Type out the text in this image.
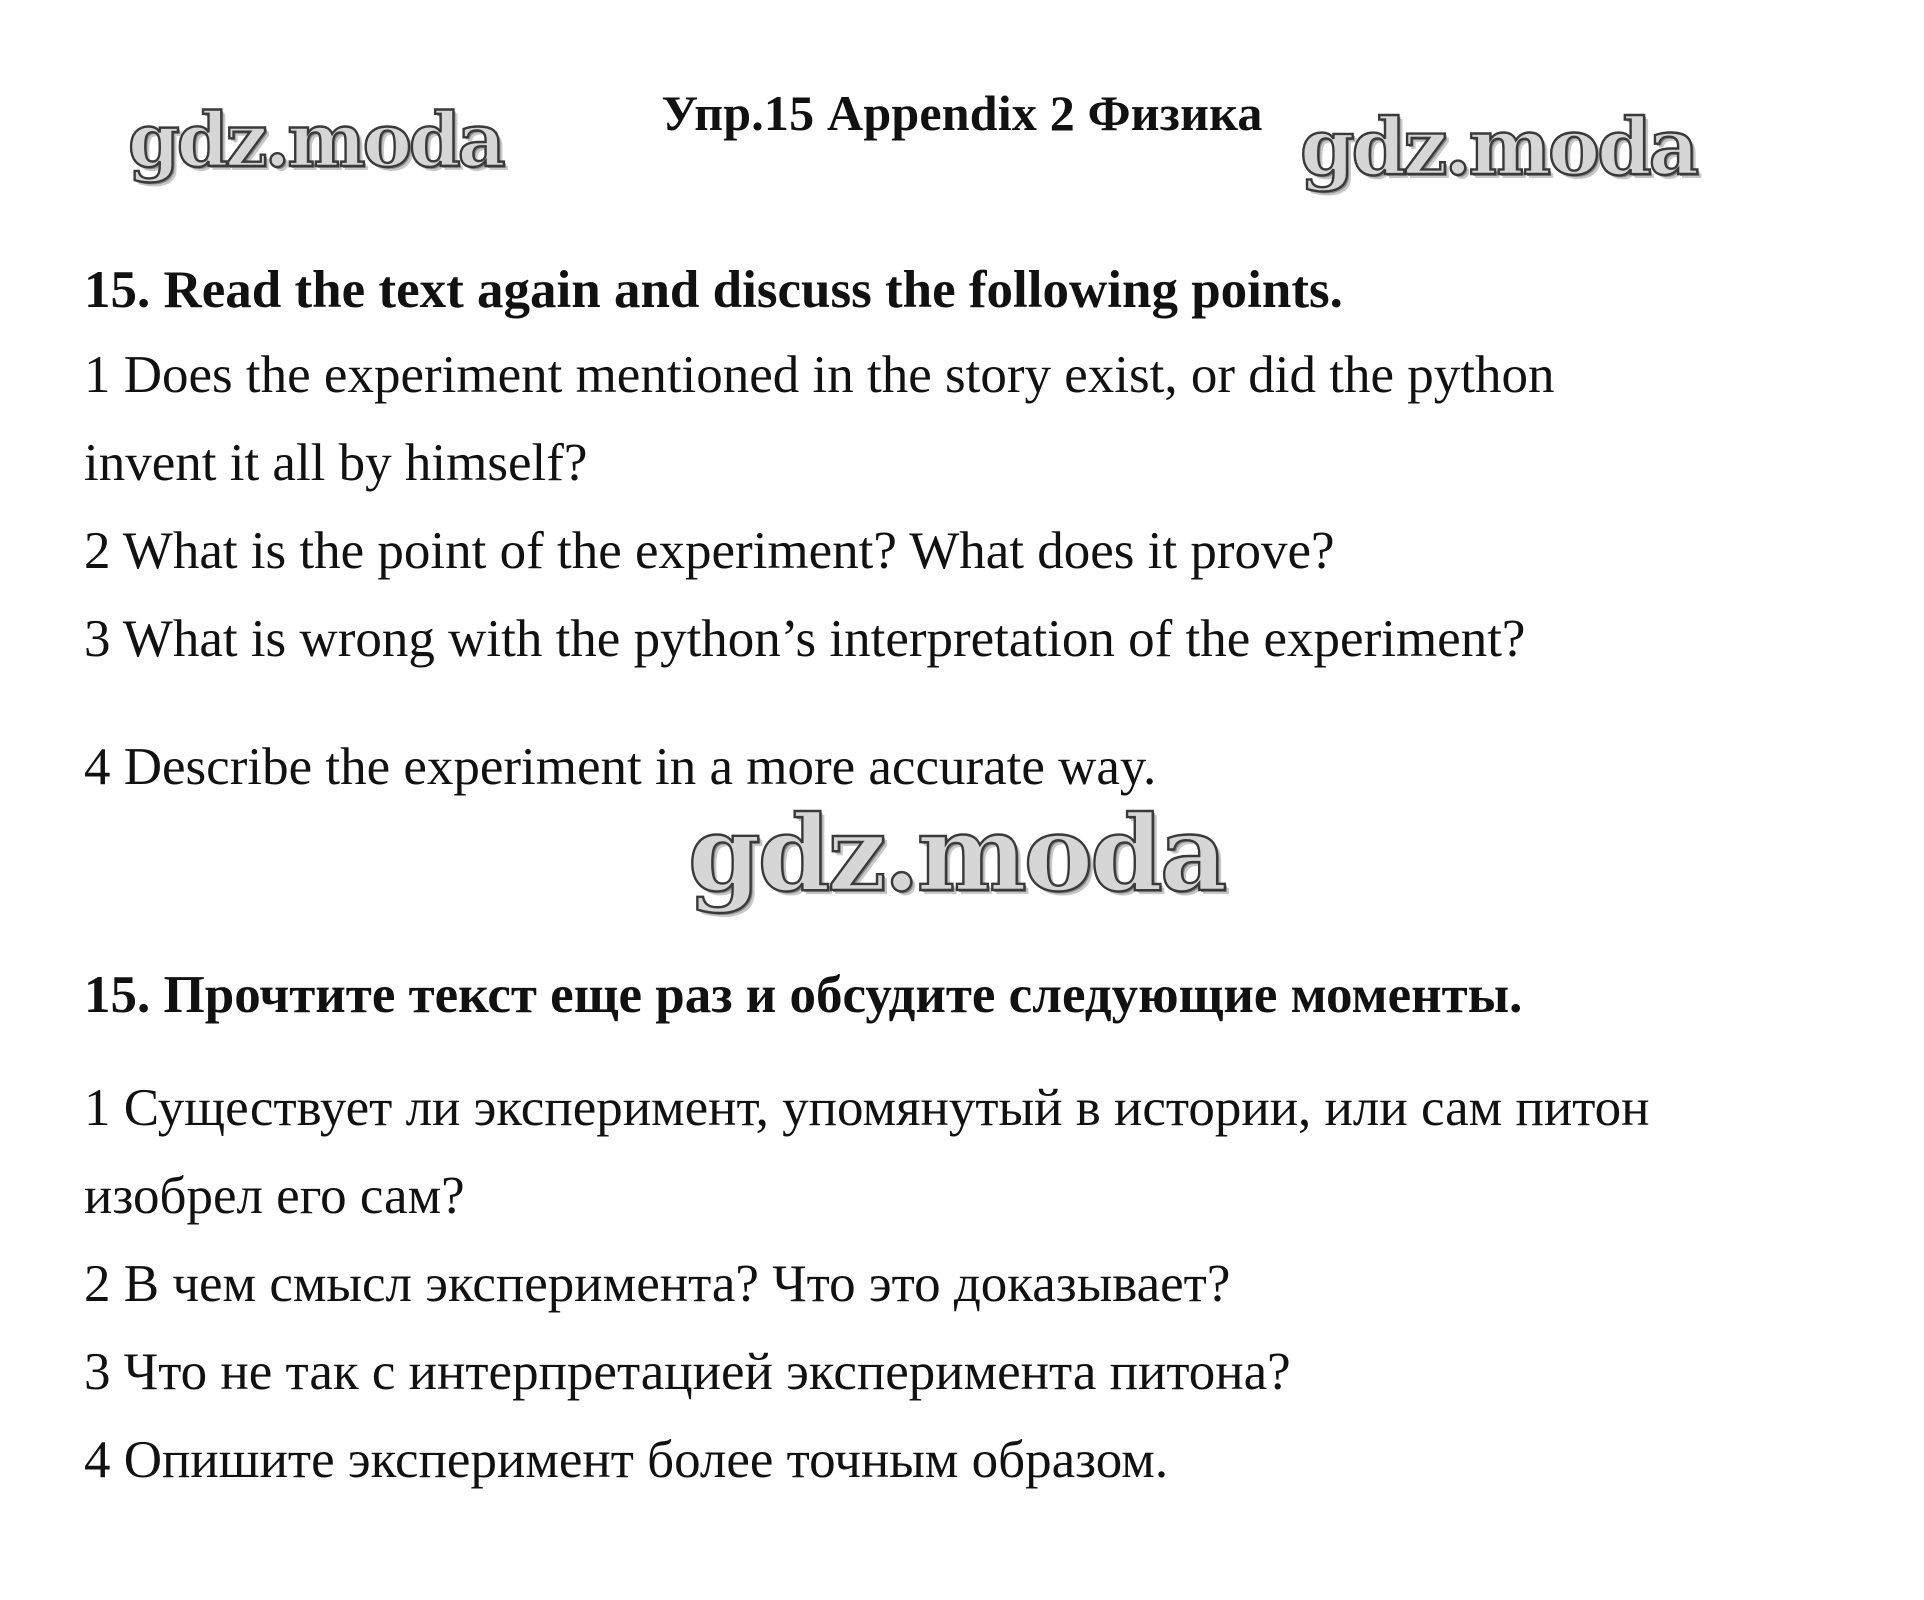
Упр.15 Appendix 2 Физика
gdz.moda	gdz.moda
gdz.moda
15. Read the text again and discuss the following points.
1 Does the experiment mentioned in the story exist, or did the python
invent it all by himself?
2 What is the point of the experiment? What does it prove?
3 What is wrong with the python’s interpretation of the experiment?
4 Describe the experiment in a more accurate way.
15. Прочтите текст еще раз и обсудите следующие моменты.
1 Существует ли эксперимент, упомянутый в истории, или сам питон
изобрел его сам?
2 В чем смысл эксперимента? Что это доказывает?
3 Что не так с интерпретацией эксперимента питона?
4 Опишите эксперимент более точным образом.
